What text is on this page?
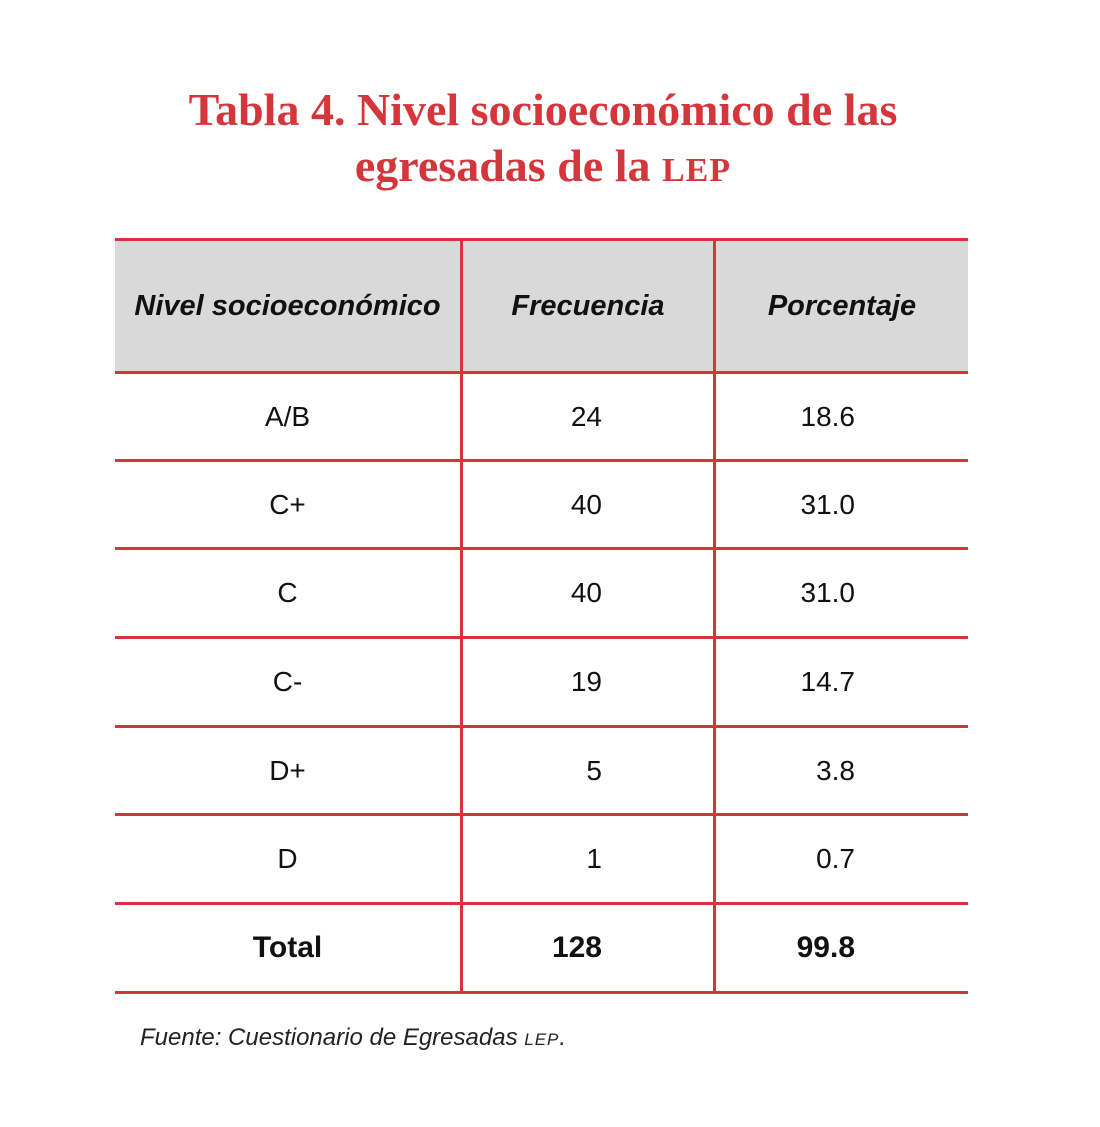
Tabla 4. Nivel socioeconómico de las
egresadas de la LEP
Nivel socioeconómico	Frecuencia	Porcentaje
A/B	24	18.6
C+	40	31.0
C	40	31.0
C-	19	14.7
D+	5	3.8
D	1	0.7
Total	128	99.8
Fuente: Cuestionario de Egresadas LEP.
